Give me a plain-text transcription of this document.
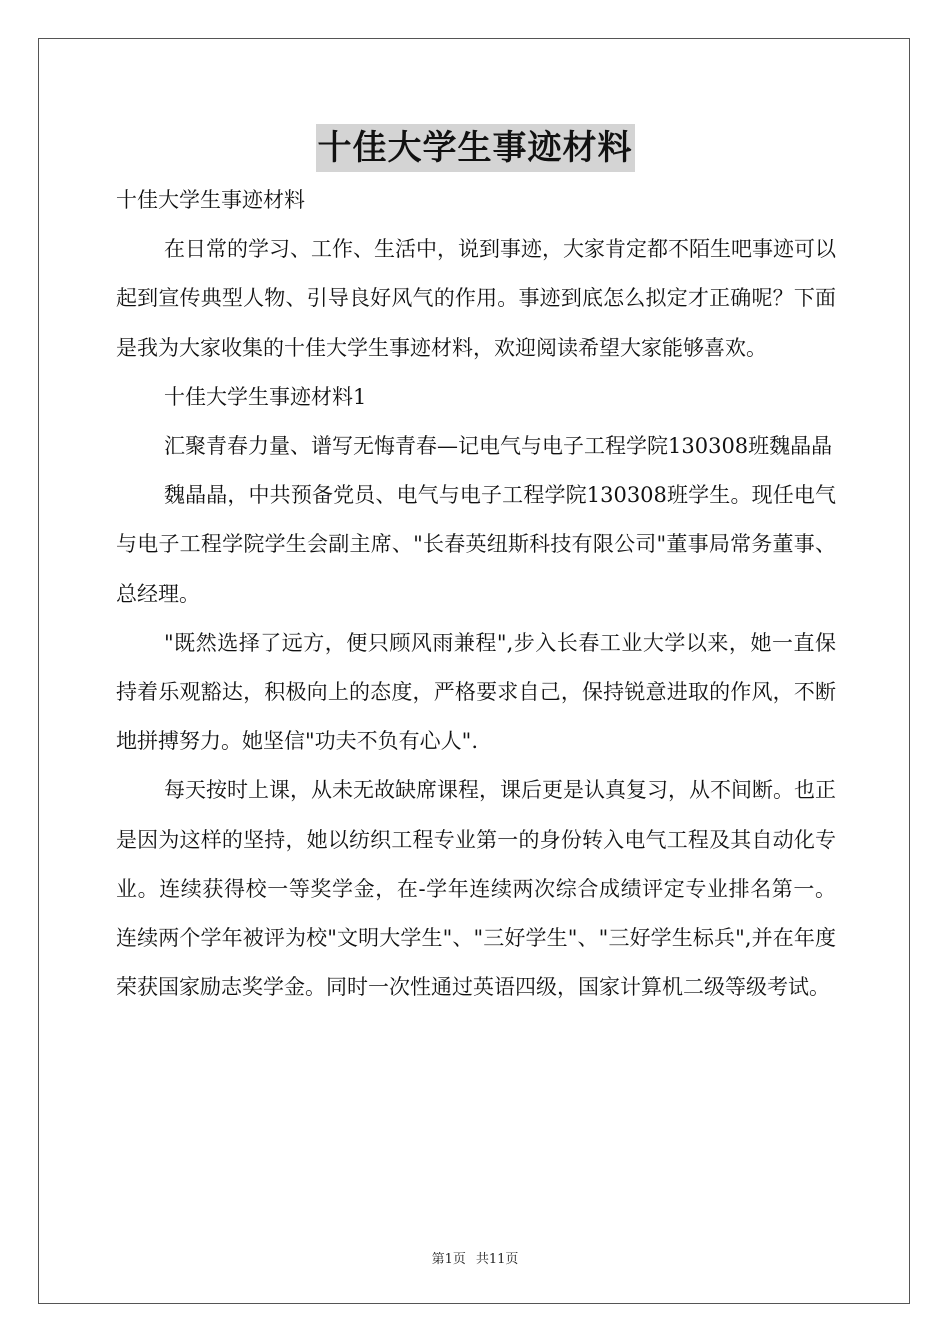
十佳大学生事迹材料

十佳大学生事迹材料

在日常的学习、工作、生活中，说到事迹，大家肯定都不陌生吧事迹可以起到宣传典型人物、引导良好风气的作用。事迹到底怎么拟定才正确呢？下面是我为大家收集的十佳大学生事迹材料，欢迎阅读希望大家能够喜欢。

十佳大学生事迹材料1

汇聚青春力量、谱写无悔青春—记电气与电子工程学院130308班魏晶晶

魏晶晶，中共预备党员、电气与电子工程学院130308班学生。现任电气与电子工程学院学生会副主席、"长春英纽斯科技有限公司"董事局常务董事、总经理。

"既然选择了远方，便只顾风雨兼程",步入长春工业大学以来，她一直保持着乐观豁达，积极向上的态度，严格要求自己，保持锐意进取的作风，不断地拼搏努力。她坚信"功夫不负有心人".

每天按时上课，从未无故缺席课程，课后更是认真复习，从不间断。也正是因为这样的坚持，她以纺织工程专业第一的身份转入电气工程及其自动化专业。连续获得校一等奖学金，在-学年连续两次综合成绩评定专业排名第一。连续两个学年被评为校"文明大学生"、"三好学生"、"三好学生标兵",并在年度荣获国家励志奖学金。同时一次性通过英语四级，国家计算机二级等级考试。

第1页 共11页
